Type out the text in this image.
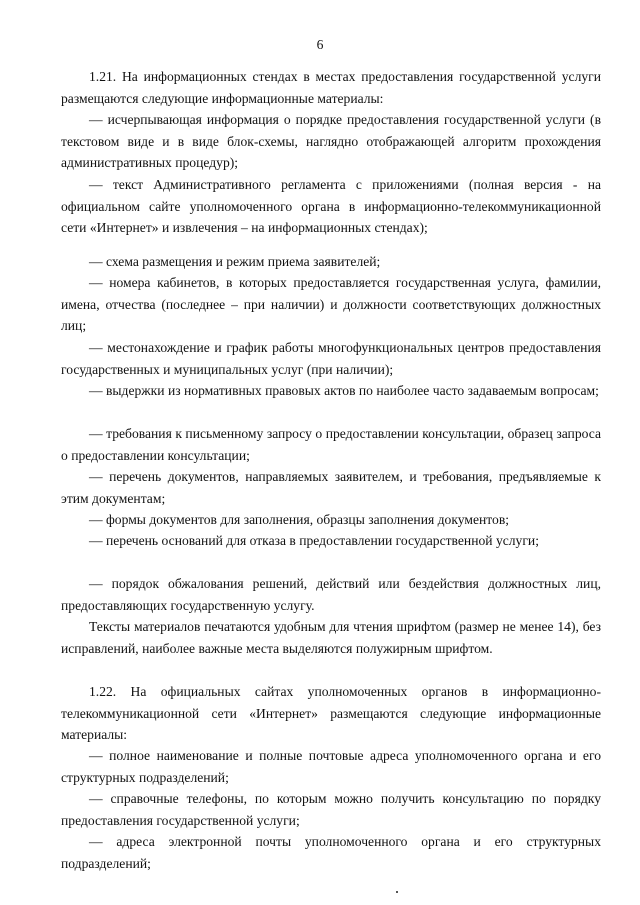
6

1.21. На информационных стендах в местах предоставления государственной услуги размещаются следующие информационные материалы:

— исчерпывающая информация о порядке предоставления государственной услуги (в текстовом виде и в виде блок-схемы, наглядно отображающей алгоритм прохождения административных процедур);

— текст Административного регламента с приложениями (полная версия - на официальном сайте уполномоченного органа в информационно-телекоммуникационной сети «Интернет» и извлечения – на информационных стендах);

— схема размещения и режим приема заявителей;

— номера кабинетов, в которых предоставляется государственная услуга, фамилии, имена, отчества (последнее – при наличии) и должности соответствующих должностных лиц;

— местонахождение и график работы многофункциональных центров предоставления государственных и муниципальных услуг (при наличии);

— выдержки из нормативных правовых актов по наиболее часто задаваемым вопросам;

— требования к письменному запросу о предоставлении консультации, образец запроса о предоставлении консультации;

— перечень документов, направляемых заявителем, и требования, предъявляемые к этим документам;

— формы документов для заполнения, образцы заполнения документов;

— перечень оснований для отказа в предоставлении государственной услуги;

— порядок обжалования решений, действий или бездействия должностных лиц, предоставляющих государственную услугу.

Тексты материалов печатаются удобным для чтения шрифтом (размер не менее 14), без исправлений, наиболее важные места выделяются полужирным шрифтом.

1.22. На официальных сайтах уполномоченных органов в информационно-телекоммуникационной сети «Интернет» размещаются следующие информационные материалы:

— полное наименование и полные почтовые адреса уполномоченного органа и его структурных подразделений;

— справочные телефоны, по которым можно получить консультацию по порядку предоставления государственной услуги;

— адреса электронной почты уполномоченного органа и его структурных подразделений;
